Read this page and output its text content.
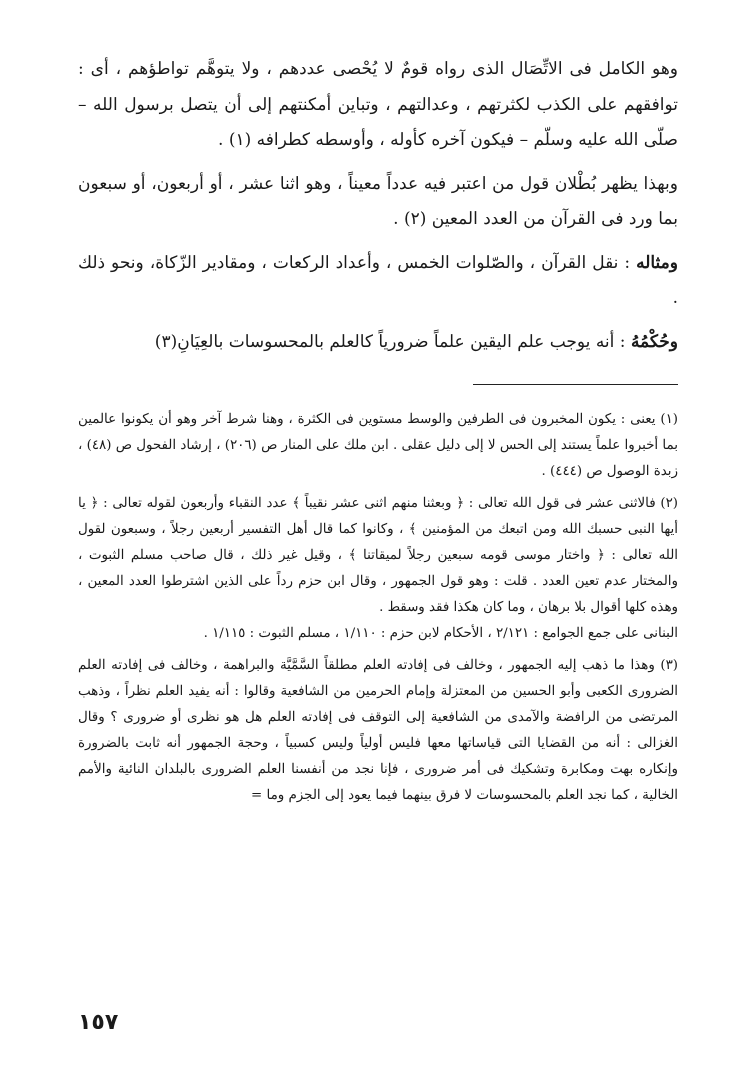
وهو الكامل فى الاتِّصَال الذى رواه قومٌ لا يُحْصى عددهم ، ولا يتوهَّم تواطؤهم ، أى : توافقهم على الكذب لكثرتهم ، وعدالتهم ، وتباين أمكنتهم إلى أن يتصل برسول الله – صلّى الله عليه وسلّم – فيكون آخره كأوله ، وأوسطه كطرافه (١) .

وبهذا يظهر بُطْلان قول من اعتبر فيه عدداً معيناً ، وهو اثنا عشر ، أو أربعون، أو سبعون بما ورد فى القرآن من العدد المعين (٢) .

ومثاله : نقل القرآن ، والصّلوات الخمس ، وأعداد الركعات ، ومقادير الزّكاة، ونحو ذلك .

وحُكْمُهُ : أنه يوجب علم اليقين علماً ضرورياً كالعلم بالمحسوسات بالعِيَانِ(٣)

(١) يعنى : يكون المخبرون فى الطرفين والوسط مستوين فى الكثرة ، وهنا شرط آخر وهو أن يكونوا عالمين بما أخبروا علماً يستند إلى الحس لا إلى دليل عقلى . ابن ملك على المنار ص (٢٠٦) ، إرشاد الفحول ص (٤٨) ، زبدة الوصول ص (٤٤٤) .

(٢) فالاثنى عشر فى قول الله تعالى : ﴿ وبعثنا منهم اثنى عشر نقيباً ﴾ عدد النقباء وأربعون لقوله تعالى : ﴿ يا أيها النبى حسبك الله ومن اتبعك من المؤمنين ﴾ ، وكانوا كما قال أهل التفسير أربعين رجلاً ، وسبعون لقول الله تعالى : ﴿ واختار موسى قومه سبعين رجلاً لميقاتنا ﴾ ، وقيل غير ذلك ، قال صاحب مسلم الثبوت ، والمختار عدم تعين العدد . قلت : وهو قول الجمهور ، وقال ابن حزم رداً على الذين اشترطوا العدد المعين ، وهذه كلها أقوال بلا برهان ، وما كان هكذا فقد وسقط .

البنانى على جمع الجوامع : ٢/١٢١ ، الأحكام لابن حزم : ١/١١٠ ، مسلم الثبوت : ١/١١٥ .

(٣) وهذا ما ذهب إليه الجمهور ، وخالف فى إفادته العلم مطلقاً السَّمَّيَّة والبراهمة ، وخالف فى إفادته العلم الضرورى الكعبى وأبو الحسين من المعتزلة وإمام الحرمين من الشافعية وقالوا : أنه يفيد العلم نظراً ، وذهب المرتضى من الرافضة والآمدى من الشافعية إلى التوقف فى إفادته العلم هل هو نظرى أو ضرورى ؟ وقال الغزالى : أنه من القضايا التى قياساتها معها فليس أولياً وليس كسبياً ، وحجة الجمهور أنه ثابت بالضرورة وإنكاره بهت ومكابرة وتشكيك فى أمر ضرورى ، فإنا نجد من أنفسنا العلم الضرورى بالبلدان النائية والأمم الخالية ، كما نجد العلم بالمحسوسات لا فرق بينهما فيما يعود إلى الجزم وما =

١٥٧
